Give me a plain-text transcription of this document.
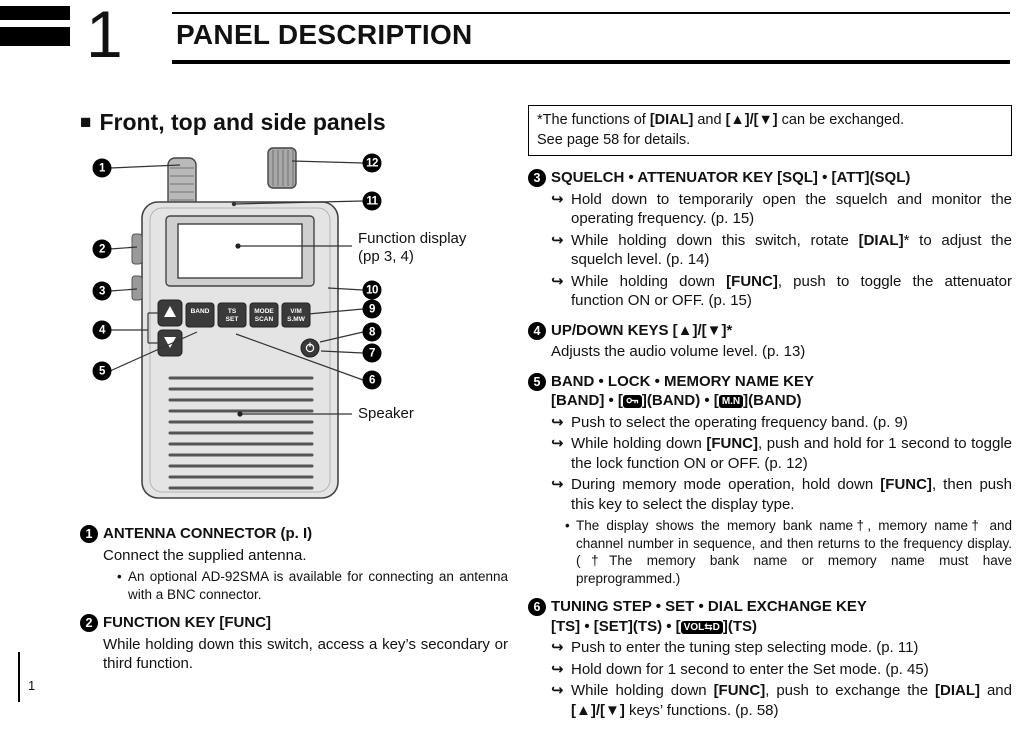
1 PANEL DESCRIPTION
■ Front, top and side panels
BAND	TS
SET
MODE
SCAN
V/M
S.MW
1
2
3
4
5
6
7
8
9
10
11
12
Function display
(pp 3, 4)
Speaker
1 ANTENNA CONNECTOR (p. I)
Connect the supplied antenna.
• An optional AD-92SMA is available for connecting an antenna with a BNC connector.
2 FUNCTION KEY [FUNC]
While holding down this switch, access a key’s secondary or third function.
*The functions of [DIAL] and [▲]/[▼] can be exchanged.
See page 58 for details.
3 SQUELCH • ATTENUATOR KEY [SQL] • [ATT](SQL)
↪ Hold down to temporarily open the squelch and monitor the operating frequency. (p. 15)
↪ While holding down this switch, rotate [DIAL]* to adjust the squelch level. (p. 14)
↪ While holding down [FUNC], push to toggle the attenuator function ON or OFF. (p. 15)
4 UP/DOWN KEYS [▲]/[▼]*
Adjusts the audio volume level. (p. 13)
5 BAND • LOCK • MEMORY NAME KEY
[BAND] • [ ](BAND) • [ M.N ](BAND)
↪ Push to select the operating frequency band. (p. 9)
↪ While holding down [FUNC], push and hold for 1 second to toggle the lock function ON or OFF. (p. 12)
↪ During memory mode operation, hold down [FUNC], then push this key to select the display type.
• The display shows the memory bank name†, memory name† and channel number in sequence, and then returns to the frequency display. (†The memory bank name or memory name must have preprogrammed.)
6 TUNING STEP • SET • DIAL EXCHANGE KEY
[TS] • [SET](TS) • [ VOL⇆D ](TS)
↪ Push to enter the tuning step selecting mode. (p. 11)
↪ Hold down for 1 second to enter the Set mode. (p. 45)
↪ While holding down [FUNC], push to exchange the [DIAL] and [▲]/[▼] keys’ functions. (p. 58)
1
